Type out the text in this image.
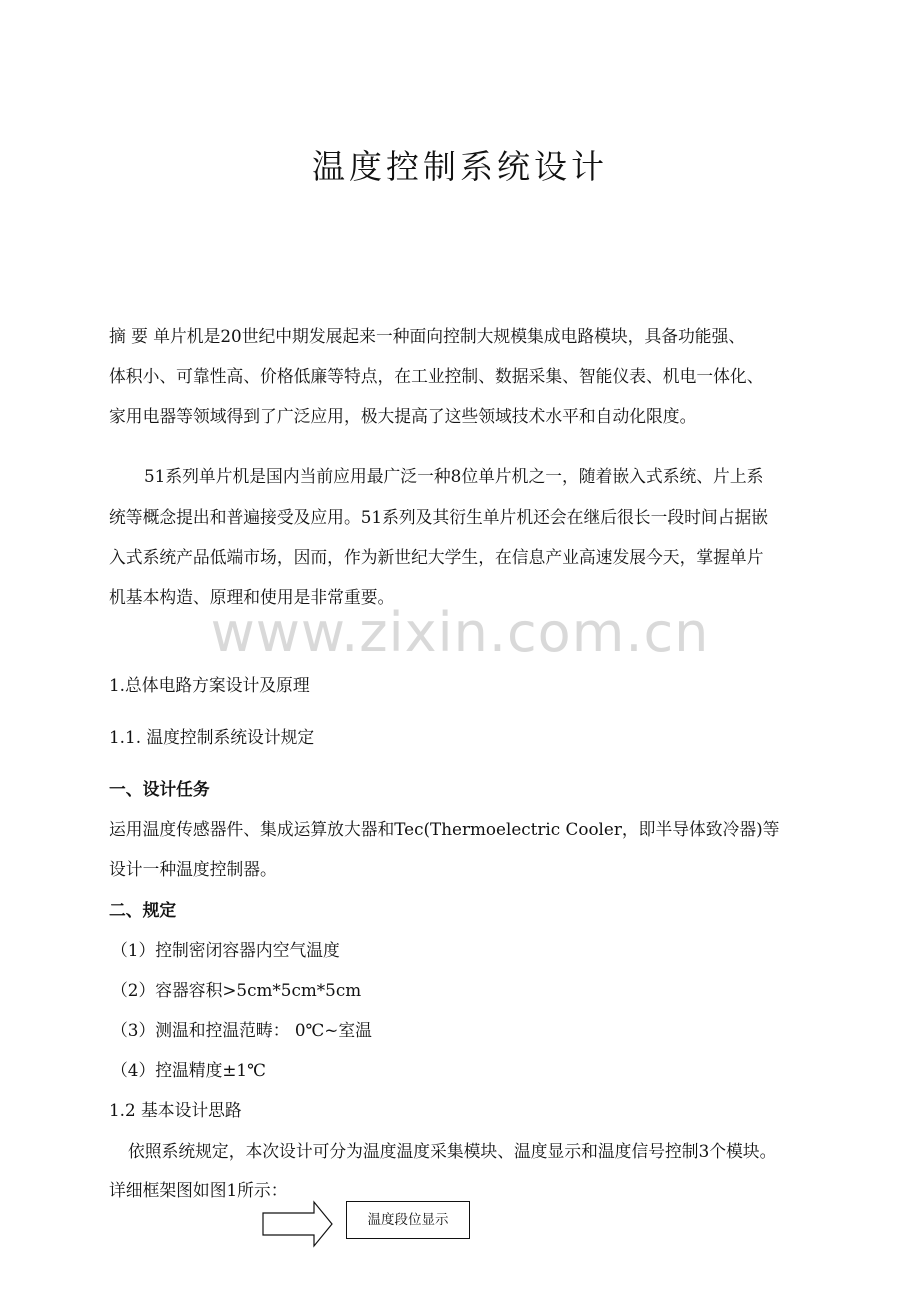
温度控制系统设计
摘 要 单片机是20世纪中期发展起来一种面向控制大规模集成电路模块，具备功能强、
体积小、可靠性高、价格低廉等特点，在工业控制、数据采集、智能仪表、机电一体化、
家用电器等领域得到了广泛应用，极大提高了这些领域技术水平和自动化限度。
51系列单片机是国内当前应用最广泛一种8位单片机之一，随着嵌入式系统、片上系
统等概念提出和普遍接受及应用。51系列及其衍生单片机还会在继后很长一段时间占据嵌
入式系统产品低端市场，因而，作为新世纪大学生，在信息产业高速发展今天，掌握单片
机基本构造、原理和使用是非常重要。
www.zixin.com.cn
1.总体电路方案设计及原理
1.1. 温度控制系统设计规定
一、设计任务
运用温度传感器件、集成运算放大器和Tec(Thermoelectric Cooler，即半导体致冷器)等
设计一种温度控制器。
二、规定
（1）控制密闭容器内空气温度
（2）容器容积>5cm*5cm*5cm
（3）测温和控温范畴： 0℃~室温
（4）控温精度±1℃
1.2 基本设计思路
依照系统规定，本次设计可分为温度温度采集模块、温度显示和温度信号控制3个模块。
详细框架图如图1所示：
温度段位显示
